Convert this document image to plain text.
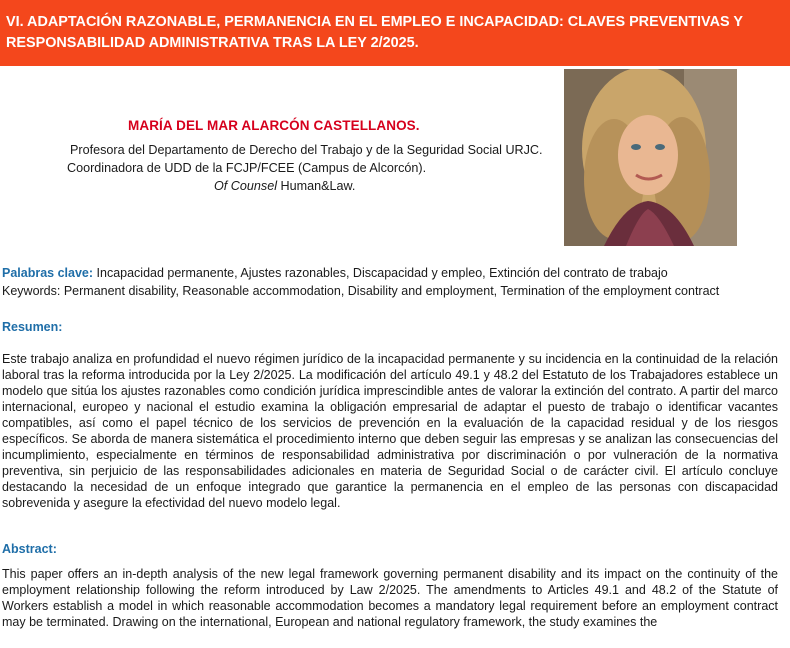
VI. ADAPTACIÓN RAZONABLE, PERMANENCIA EN EL EMPLEO E INCAPACIDAD: CLAVES PREVENTIVAS Y RESPONSABILIDAD ADMINISTRATIVA TRAS LA LEY 2/2025.

MARÍA DEL MAR ALARCÓN CASTELLANOS.

Profesora del Departamento de Derecho del Trabajo y de la Seguridad Social URJC.
Coordinadora de UDD de la FCJP/FCEE (Campus de Alcorcón).
Of Counsel Human&Law.
Palabras clave: Incapacidad permanente, Ajustes razonables, Discapacidad y empleo, Extinción del contrato de trabajo
Keywords: Permanent disability, Reasonable accommodation, Disability and employment, Termination of the employment contract
Resumen:

Este trabajo analiza en profundidad el nuevo régimen jurídico de la incapacidad permanente y su incidencia en la continuidad de la relación laboral tras la reforma introducida por la Ley 2/2025. La modificación del artículo 49.1 y 48.2 del Estatuto de los Trabajadores establece un modelo que sitúa los ajustes razonables como condición jurídica imprescindible antes de valorar la extinción del contrato. A partir del marco internacional, europeo y nacional el estudio examina la obligación empresarial de adaptar el puesto de trabajo o identificar vacantes compatibles, así como el papel técnico de los servicios de prevención en la evaluación de la capacidad residual y de los riesgos específicos. Se aborda de manera sistemática el procedimiento interno que deben seguir las empresas y se analizan las consecuencias del incumplimiento, especialmente en términos de responsabilidad administrativa por discriminación o por vulneración de la normativa preventiva, sin perjuicio de las responsabilidades adicionales en materia de Seguridad Social o de carácter civil. El artículo concluye destacando la necesidad de un enfoque integrado que garantice la permanencia en el empleo de las personas con discapacidad sobrevenida y asegure la efectividad del nuevo modelo legal.

Abstract:

This paper offers an in-depth analysis of the new legal framework governing permanent disability and its impact on the continuity of the employment relationship following the reform introduced by Law 2/2025. The amendments to Articles 49.1 and 48.2 of the Statute of Workers establish a model in which reasonable accommodation becomes a mandatory legal requirement before an employment contract may be terminated. Drawing on the international, European and national regulatory framework, the study examines the
